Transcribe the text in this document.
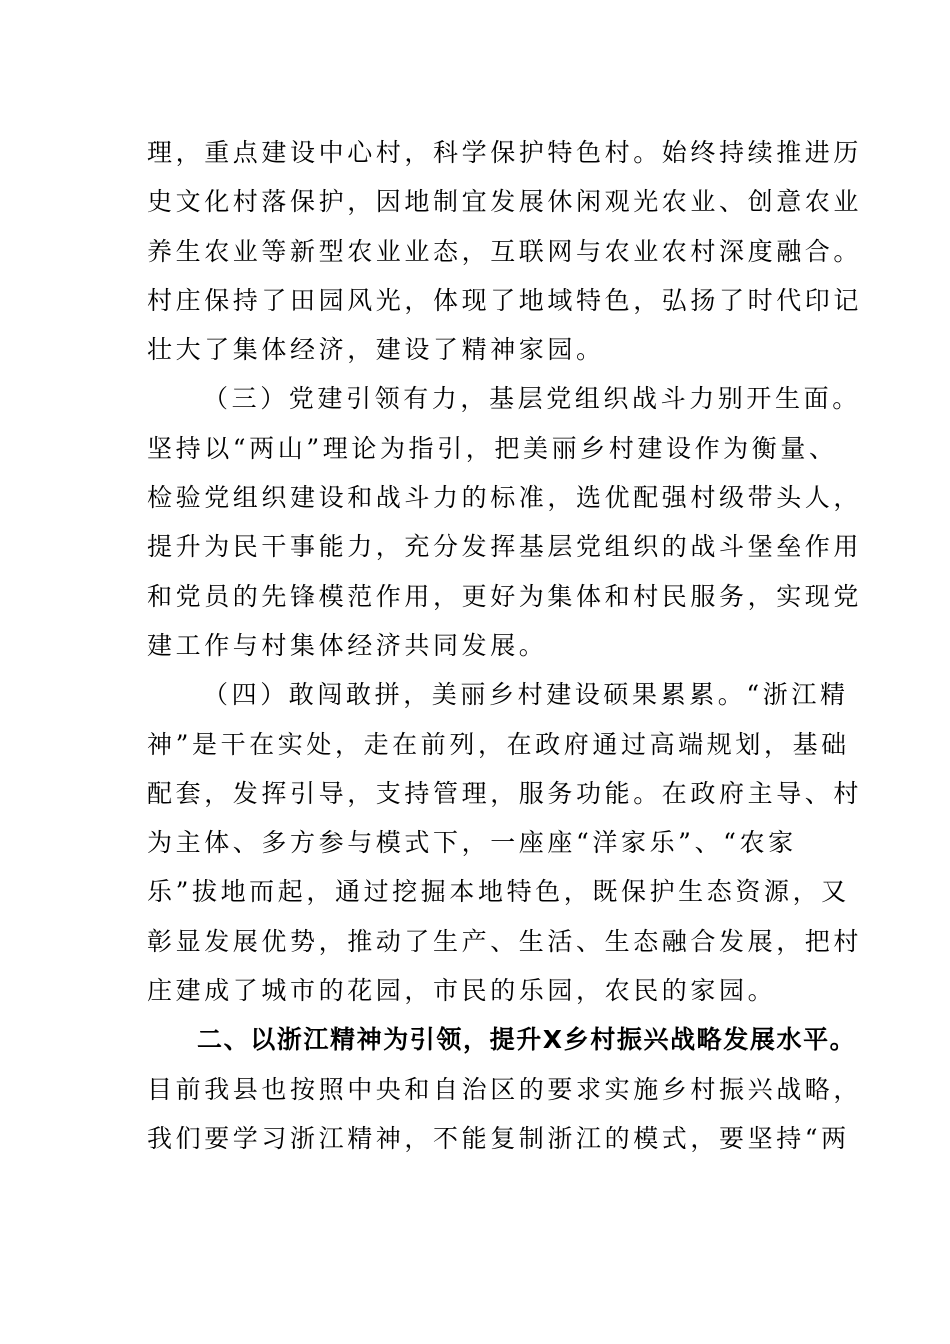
理，重点建设中心村，科学保护特色村。始终持续推进历
史文化村落保护，因地制宜发展休闲观光农业、创意农业
养生农业等新型农业业态，互联网与农业农村深度融合。
村庄保持了田园风光，体现了地域特色，弘扬了时代印记
壮大了集体经济，建设了精神家园。
（三）党建引领有力，基层党组织战斗力别开生面。
坚持以“两山”理论为指引，把美丽乡村建设作为衡量、
检验党组织建设和战斗力的标准，选优配强村级带头人，
提升为民干事能力，充分发挥基层党组织的战斗堡垒作用
和党员的先锋模范作用，更好为集体和村民服务，实现党
建工作与村集体经济共同发展。
（四）敢闯敢拼，美丽乡村建设硕果累累。“浙江精
神”是干在实处，走在前列，在政府通过高端规划，基础
配套，发挥引导，支持管理，服务功能。在政府主导、村
为主体、多方参与模式下，一座座“洋家乐”、“农家
乐”拔地而起，通过挖掘本地特色，既保护生态资源，又
彰显发展优势，推动了生产、生活、生态融合发展，把村
庄建成了城市的花园，市民的乐园，农民的家园。
二、以浙江精神为引领，提升X乡村振兴战略发展水平。
目前我县也按照中央和自治区的要求实施乡村振兴战略，
我们要学习浙江精神，不能复制浙江的模式，要坚持“两
